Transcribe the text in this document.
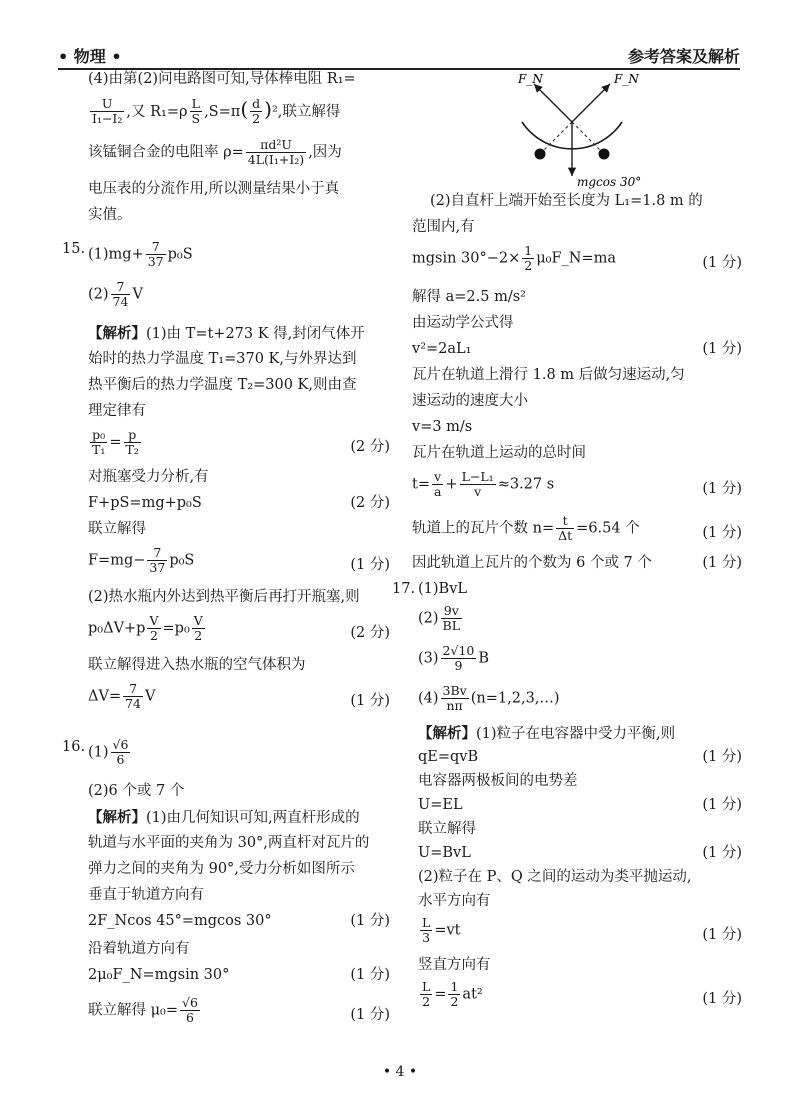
• 物理 •	参考答案及解析
(4)由第(2)问电路图可知,导体棒电阻 R₁=
$\frac{U}{\text{I₁−I₂}}$ ,又 $R_1=\rho \frac{L}{S} ,S=\pi( \frac{d}{2} )^2$,联立解得
该锰铜合金的电阻率 $\rho= \frac{\text{πd²U}}{\text{4L(I₁+I₂)}}$ ,因为
电压表的分流作用,所以测量结果小于真
实值。
15. $(1)mg+ \frac{7}{37} p_0S$
$(2) \frac{7}{74}$ V
【解析】(1)由 T=t+273 K 得,封闭气体开
始时的热力学温度 T₁=370 K,与外界达到
热平衡后的热力学温度 T₂=300 K,则由查
理定律有
$\frac{\text{p₀}}{\text{T₁}} = \frac{p}{\text{T₂}}$	(2 分)
对瓶塞受力分析,有
F+pS=mg+p₀S	(2 分)
联立解得
$F=mg- \frac{7}{37} p_0S$	(1 分)
(2)热水瓶内外达到热平衡后再打开瓶塞,则
$p_0\Delta V+p \frac{V}{2} =p_0 \frac{V}{2}$	(2 分)
联立解得进入热水瓶的空气体积为
$\Delta V= \frac{7}{74}$ V	(1 分)
16. $(1) \frac{√6}{6}$
(2)6 个或 7 个
【解析】(1)由几何知识可知,两直杆形成的
轨道与水平面的夹角为 30°,两直杆对瓦片的
弹力之间的夹角为 90°,受力分析如图所示
垂直于轨道方向有
2F_Ncos 45°=mgcos 30°	(1 分)
沿着轨道方向有
2μ₀F_N=mgsin 30°	(1 分)
联立解得 $\mu_0= \frac{√6}{6}$	(1 分)
F_N	F_N
mgcos 30°
(2)自直杆上端开始至长度为 L₁=1.8 m 的
范围内,有
mgsin $30^\circ-2\times \frac{1}{2}$ μ₀F_N=ma	(1 分)
解得 a=2.5 m/s²
由运动学公式得
v²=2aL₁	(1 分)
瓦片在轨道上滑行 1.8 m 后做匀速运动,匀
速运动的速度大小
v=3 m/s
瓦片在轨道上运动的总时间
$t= \frac{v}{a} + \frac{\text{L−L₁}}{v} \approx 3.27$ s	(1 分)
轨道上的瓦片个数 $n= \frac{t}{\Delta t} =6.54$ 个	(1 分)
因此轨道上瓦片的个数为 6 个或 7 个	(1 分)
17. (1)BvL
$(2) \frac{9v}{BL}$
$(3) \frac{2√10}{9}$ B
$(4) \frac{3Bv}{n\pi}$ (n=1,2,3,…)
【解析】(1)粒子在电容器中受力平衡,则
qE=qvB	(1 分)
电容器两极板间的电势差
U=EL	(1 分)
联立解得
U=BvL	(1 分)
(2)粒子在 P、Q 之间的运动为类平抛运动,
水平方向有
$\frac{L}{3} =vt$	(1 分)
竖直方向有
$\frac{L}{2} = \frac{1}{2} at^2$	(1 分)
• 4 •
